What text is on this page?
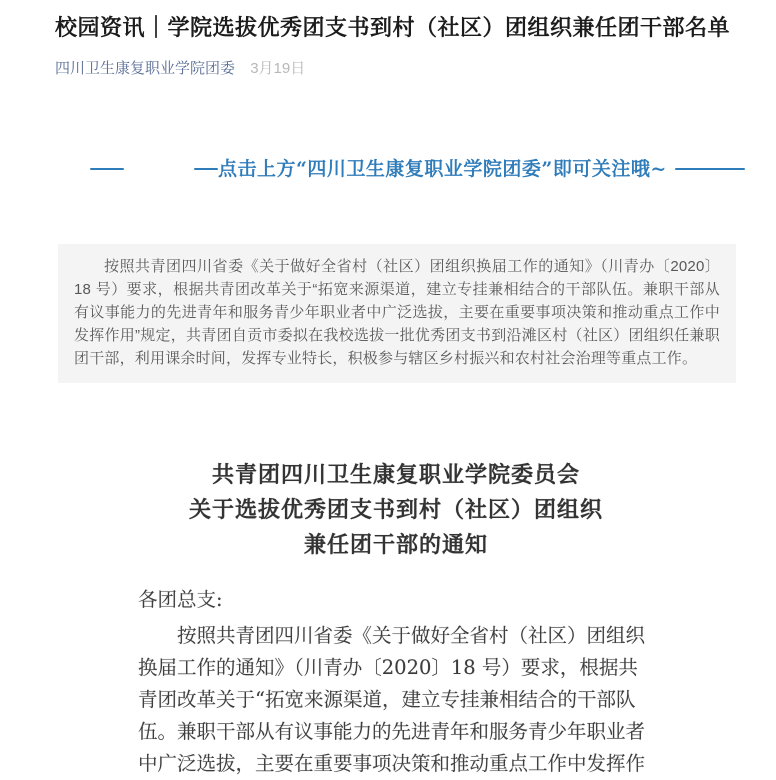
校园资讯｜学院选拔优秀团支书到村（社区）团组织兼任团干部名单
四川卫生康复职业学院团委 3月19日
点击上方“四川卫生康复职业学院团委”即可关注哦~

按照共青团四川省委《关于做好全省村（社区）团组织换届工作的通知》（川青办〔2020〕18 号）要求，根据共青团改革关于“拓宽来源渠道，建立专挂兼相结合的干部队伍。兼职干部从有议事能力的先进青年和服务青少年职业者中广泛选拔，主要在重要事项决策和推动重点工作中发挥作用”规定，共青团自贡市委拟在我校选拔一批优秀团支书到沿滩区村（社区）团组织任兼职团干部，利用课余时间，发挥专业特长，积极参与辖区乡村振兴和农村社会治理等重点工作。

共青团四川卫生康复职业学院委员会
关于选拔优秀团支书到村（社区）团组织
兼任团干部的通知
各团总支:
按照共青团四川省委《关于做好全省村（社区）团组织
换届工作的通知》（川青办〔2020〕18 号）要求，根据共
青团改革关于“拓宽来源渠道，建立专挂兼相结合的干部队
伍。兼职干部从有议事能力的先进青年和服务青少年职业者
中广泛选拔，主要在重要事项决策和推动重点工作中发挥作
